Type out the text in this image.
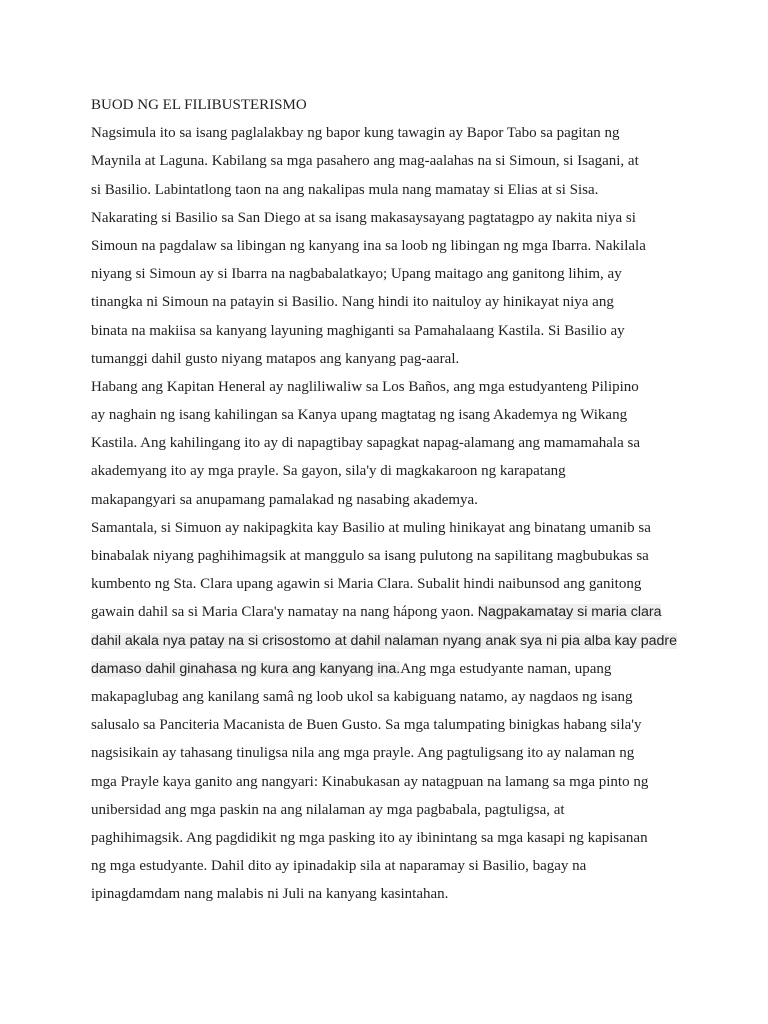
BUOD NG EL FILIBUSTERISMO
Nagsimula ito sa isang paglalakbay ng bapor kung tawagin ay Bapor Tabo sa pagitan ng
Maynila at Laguna. Kabilang sa mga pasahero ang mag-aalahas na si Simoun, si Isagani, at
si Basilio. Labintatlong taon na ang nakalipas mula nang mamatay si Elias at si Sisa.
Nakarating si Basilio sa San Diego at sa isang makasaysayang pagtatagpo ay nakita niya si
Simoun na pagdalaw sa libingan ng kanyang ina sa loob ng libingan ng mga Ibarra. Nakilala
niyang si Simoun ay si Ibarra na nagbabalatkayo; Upang maitago ang ganitong lihim, ay
tinangka ni Simoun na patayin si Basilio. Nang hindi ito naituloy ay hinikayat niya ang
binata na makiisa sa kanyang layuning maghiganti sa Pamahalaang Kastila. Si Basilio ay
tumanggi dahil gusto niyang matapos ang kanyang pag-aaral.
Habang ang Kapitan Heneral ay nagliliwaliw sa Los Baños, ang mga estudyanteng Pilipino
ay naghain ng isang kahilingan sa Kanya upang magtatag ng isang Akademya ng Wikang
Kastila. Ang kahilingang ito ay di napagtibay sapagkat napag-alamang ang mamamahala sa
akademyang ito ay mga prayle. Sa gayon, sila'y di magkakaroon ng karapatang
makapangyari sa anupamang pamalakad ng nasabing akademya.
Samantala, si Simuon ay nakipagkita kay Basilio at muling hinikayat ang binatang umanib sa
binabalak niyang paghihimagsik at manggulo sa isang pulutong na sapilitang magbubukas sa
kumbento ng Sta. Clara upang agawin si Maria Clara. Subalit hindi naibunsod ang ganitong
gawain dahil sa si Maria Clara'y namatay na nang hápong yaon. Nagpakamatay si maria clara
dahil akala nya patay na si crisostomo at dahil nalaman nyang anak sya ni pia alba kay padre
damaso dahil ginahasa ng kura ang kanyang ina.Ang mga estudyante naman, upang
makapaglubag ang kanilang samâ ng loob ukol sa kabiguang natamo, ay nagdaos ng isang
salusalo sa Panciteria Macanista de Buen Gusto. Sa mga talumpating binigkas habang sila'y
nagsisikain ay tahasang tinuligsa nila ang mga prayle. Ang pagtuligsang ito ay nalaman ng
mga Prayle kaya ganito ang nangyari: Kinabukasan ay natagpuan na lamang sa mga pinto ng
unibersidad ang mga paskin na ang nilalaman ay mga pagbabala, pagtuligsa, at
paghihimagsik. Ang pagdidikit ng mga pasking ito ay ibinintang sa mga kasapi ng kapisanan
ng mga estudyante. Dahil dito ay ipinadakip sila at naparamay si Basilio, bagay na
ipinagdamdam nang malabis ni Juli na kanyang kasintahan.
